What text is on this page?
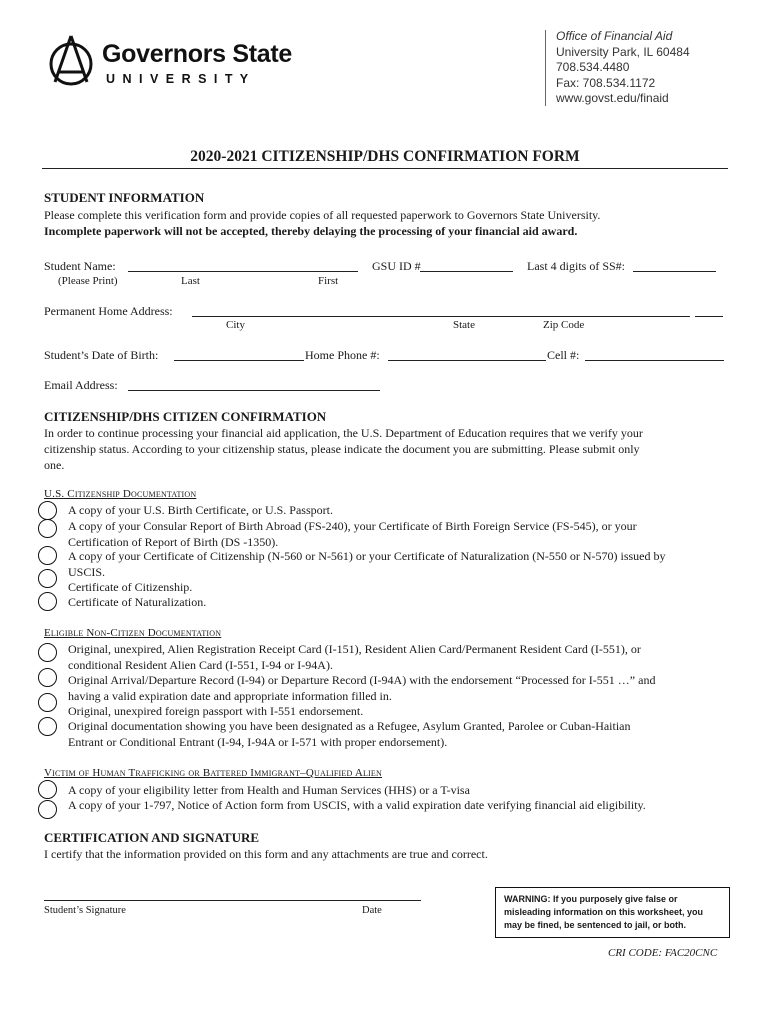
Governors State
U N I V E R S I T Y
Office of Financial Aid
University Park, IL 60484
708.534.4480
Fax: 708.534.1172
www.govst.edu/finaid
2020-2021 CITIZENSHIP/DHS CONFIRMATION FORM
STUDENT INFORMATION
Please complete this verification form and provide copies of all requested paperwork to Governors State University.
Incomplete paperwork will not be accepted, thereby delaying the processing of your financial aid award.
Student Name:	GSU ID #	Last 4 digits of SS#:
(Please Print)	Last	First
Permanent Home Address:
City	State	Zip Code
Student’s Date of Birth:	Home Phone #:	Cell #:
Email Address:
CITIZENSHIP/DHS CITIZEN CONFIRMATION
In order to continue processing your financial aid application, the U.S. Department of Education requires that we verify your
citizenship status. According to your citizenship status, please indicate the document you are submitting. Please submit only
one.
U.S. Citizenship Documentation
A copy of your U.S. Birth Certificate, or U.S. Passport.
A copy of your Consular Report of Birth Abroad (FS-240), your Certificate of Birth Foreign Service (FS-545), or your
Certification of Report of Birth (DS -1350).
A copy of your Certificate of Citizenship (N-560 or N-561) or your Certificate of Naturalization (N-550 or N-570) issued by
USCIS.
Certificate of Citizenship.
Certificate of Naturalization.
Eligible Non-Citizen Documentation
Original, unexpired, Alien Registration Receipt Card (I-151), Resident Alien Card/Permanent Resident Card (I-551), or
conditional Resident Alien Card (I-551, I-94 or I-94A).
Original Arrival/Departure Record (I-94) or Departure Record (I-94A) with the endorsement “Processed for I-551 …” and
having a valid expiration date and appropriate information filled in.
Original, unexpired foreign passport with I-551 endorsement.
Original documentation showing you have been designated as a Refugee, Asylum Granted, Parolee or Cuban-Haitian
Entrant or Conditional Entrant (I-94, I-94A or I-571 with proper endorsement).
Victim of Human Trafficking or Battered Immigrant–Qualified Alien
A copy of your eligibility letter from Health and Human Services (HHS) or a T-visa
A copy of your 1-797, Notice of Action form from USCIS, with a valid expiration date verifying financial aid eligibility.
CERTIFICATION AND SIGNATURE
I certify that the information provided on this form and any attachments are true and correct.
Student’s Signature	Date
WARNING: If you purposely give false or
misleading information on this worksheet, you
may be fined, be sentenced to jail, or both.
CRI CODE: FAC20CNC
